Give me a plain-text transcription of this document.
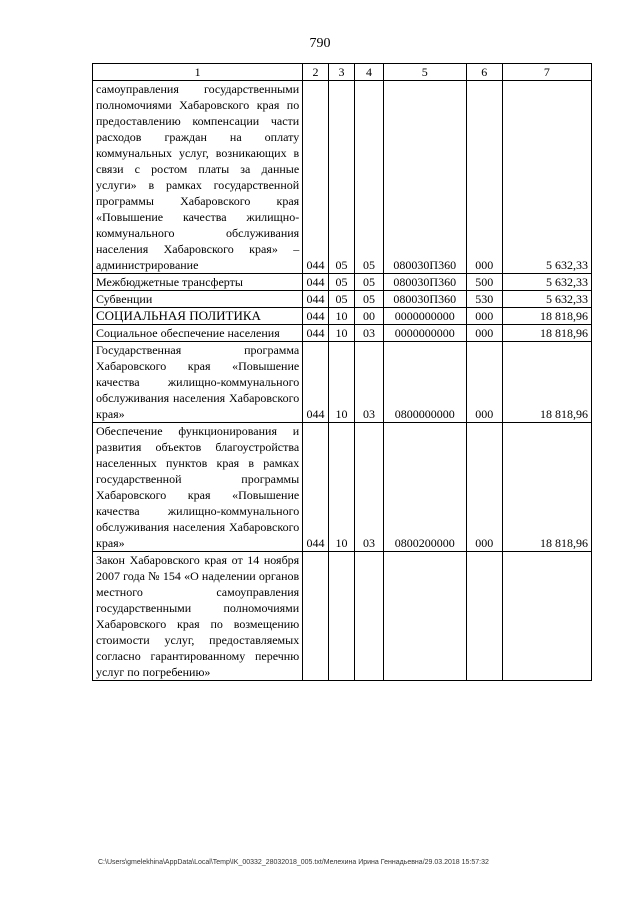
790
1	2	3	4	5	6	7
самоуправления государственными полномочиями Хабаровского края по предоставлению компенсации части расходов граждан на оплату коммунальных услуг, возникающих в связи с ростом платы за данные услуги» в рамках государственной программы Хабаровского края «Повышение качества жилищно-коммунального обслуживания населения Хабаровского края» – администрирование	044	05	05	080030П360	000	5 632,33
Межбюджетные трансферты	044	05	05	080030П360	500	5 632,33
Субвенции	044	05	05	080030П360	530	5 632,33
СОЦИАЛЬНАЯ ПОЛИТИКА	044	10	00	0000000000	000	18 818,96
Социальное обеспечение населения	044	10	03	0000000000	000	18 818,96
Государственная программа Хабаровского края «Повышение качества жилищно-коммунального обслуживания населения Хабаровского края»	044	10	03	0800000000	000	18 818,96
Обеспечение функционирования и развития объектов благоустройства населенных пунктов края в рамках государственной программы Хабаровского края «Повышение качества жилищно-коммунального обслуживания населения Хабаровского края»	044	10	03	0800200000	000	18 818,96
Закон Хабаровского края от 14 ноября 2007 года № 154 «О наделении органов местного самоуправления государственными полномочиями Хабаровского края по возмещению стоимости услуг, предоставляемых согласно гарантированному перечню услуг по погребению»						
C:\Users\gmelekhina\AppData\Local\Temp\IK_00332_28032018_005.txt/Мелехина Ирина Геннадьевна/29.03.2018 15:57:32
